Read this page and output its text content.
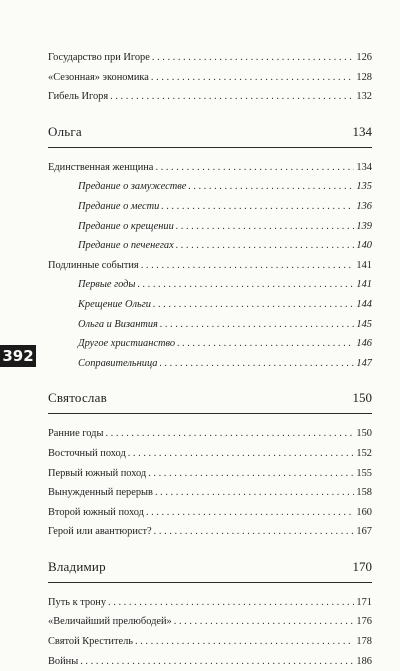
392
Государство при Игоре . . .	126
«Сезонная» экономика . . .	128
Гибель Игоря . . .	132
Ольга	134
Единственная женщина . . .	134
Предание о замужестве . . .	135
Предание о мести . . .	136
Предание о крещении . . .	139
Предание о печенегах . . .	140
Подлинные события . . .	141
Первые годы . . .	141
Крещение Ольги . . .	144
Ольга и Византия . . .	145
Другое христианство . . .	146
Соправительница . . .	147
Святослав	150
Ранние годы . . .	150
Восточный поход . . .	152
Первый южный поход . . .	155
Вынужденный перерыв . . .	158
Второй южный поход . . .	160
Герой или авантюрист? . . .	167
Владимир	170
Путь к трону . . .	171
«Величайший прелюбодей» . . .	176
Святой Креститель . . .	178
Войны . . .	186
